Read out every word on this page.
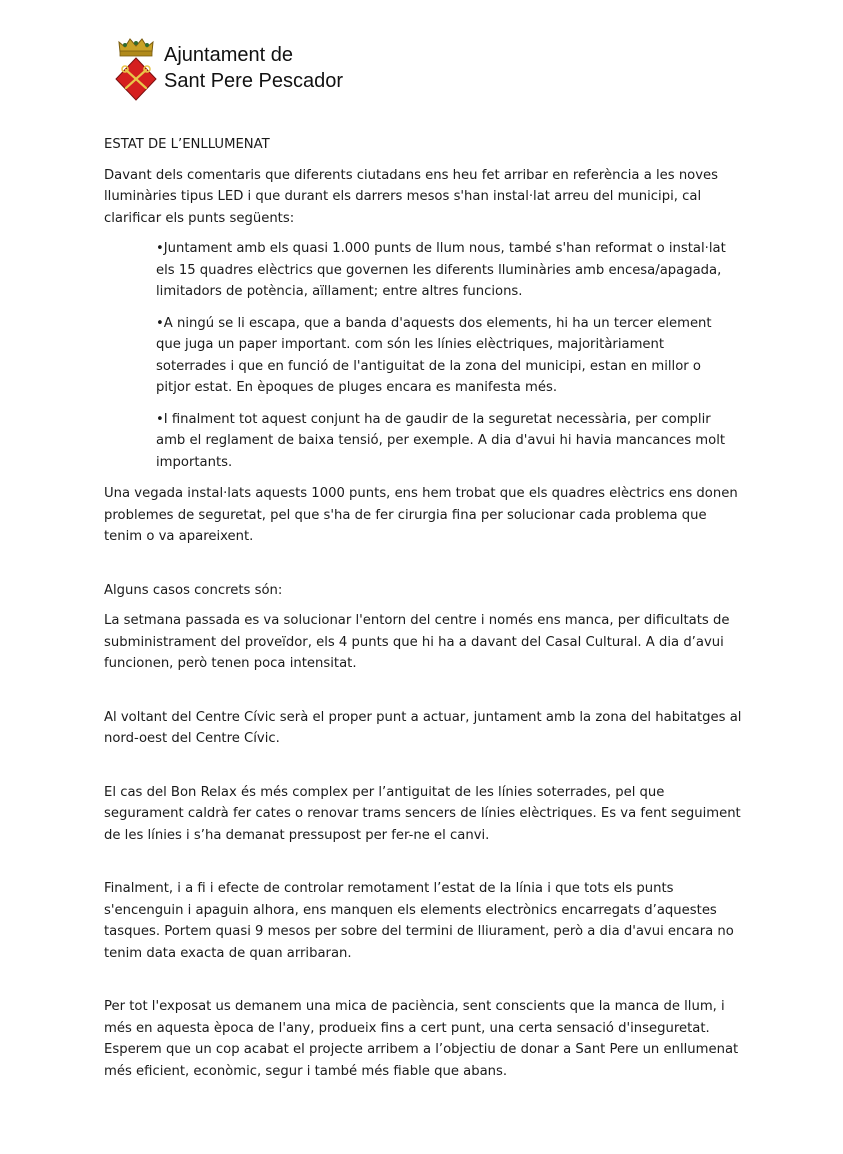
Ajuntament de
Sant Pere Pescador

ESTAT DE L’ENLLUMENAT

Davant dels comentaris que diferents ciutadans ens heu fet arribar en referència a les noves lluminàries tipus LED i que durant els darrers mesos s'han instal·lat arreu del municipi, cal clarificar els punts següents:

• Juntament amb els quasi 1.000 punts de llum nous, també s'han reformat o instal·lat els 15 quadres elèctrics que governen les diferents lluminàries amb encesa/apagada, limitadors de potència, aïllament; entre altres funcions.
• A ningú se li escapa, que a banda d'aquests dos elements, hi ha un tercer element que juga un paper important. com són les línies elèctriques, majoritàriament soterrades i que en funció de l'antiguitat de la zona del municipi, estan en millor o pitjor estat. En èpoques de pluges encara es manifesta més.
• I finalment tot aquest conjunt ha de gaudir de la seguretat necessària, per complir amb el reglament de baixa tensió, per exemple. A dia d'avui hi havia mancances molt importants.

Una vegada instal·lats aquests 1000 punts, ens hem trobat que els quadres elèctrics ens donen problemes de seguretat, pel que s'ha de fer cirurgia fina per solucionar cada problema que tenim o va apareixent.

Alguns casos concrets són:

La setmana passada es va solucionar l'entorn del centre i només ens manca, per dificultats de subministrament del proveïdor, els 4 punts que hi ha a davant del Casal Cultural. A dia d’avui funcionen, però tenen poca intensitat.

Al voltant del Centre Cívic serà el proper punt a actuar, juntament amb la zona del habitatges al nord-oest del Centre Cívic.

El cas del Bon Relax és més complex per l’antiguitat de les línies soterrades, pel que segurament caldrà fer cates o renovar trams sencers de línies elèctriques. Es va fent seguiment de les línies i s’ha demanat pressupost per fer-ne el canvi.

Finalment, i a fi i efecte de controlar remotament l’estat de la línia i que tots els punts s'encenguin i apaguin alhora, ens manquen els elements electrònics encarregats d’aquestes tasques. Portem quasi 9 mesos per sobre del termini de lliurament, però a dia d'avui encara no tenim data exacta de quan arribaran.

Per tot l'exposat us demanem una mica de paciència, sent conscients que la manca de llum, i més en aquesta època de l'any, produeix fins a cert punt, una certa sensació d'inseguretat. Esperem que un cop acabat el projecte arribem a l’objectiu de donar a Sant Pere un enllumenat més eficient, econòmic, segur i també més fiable que abans.
